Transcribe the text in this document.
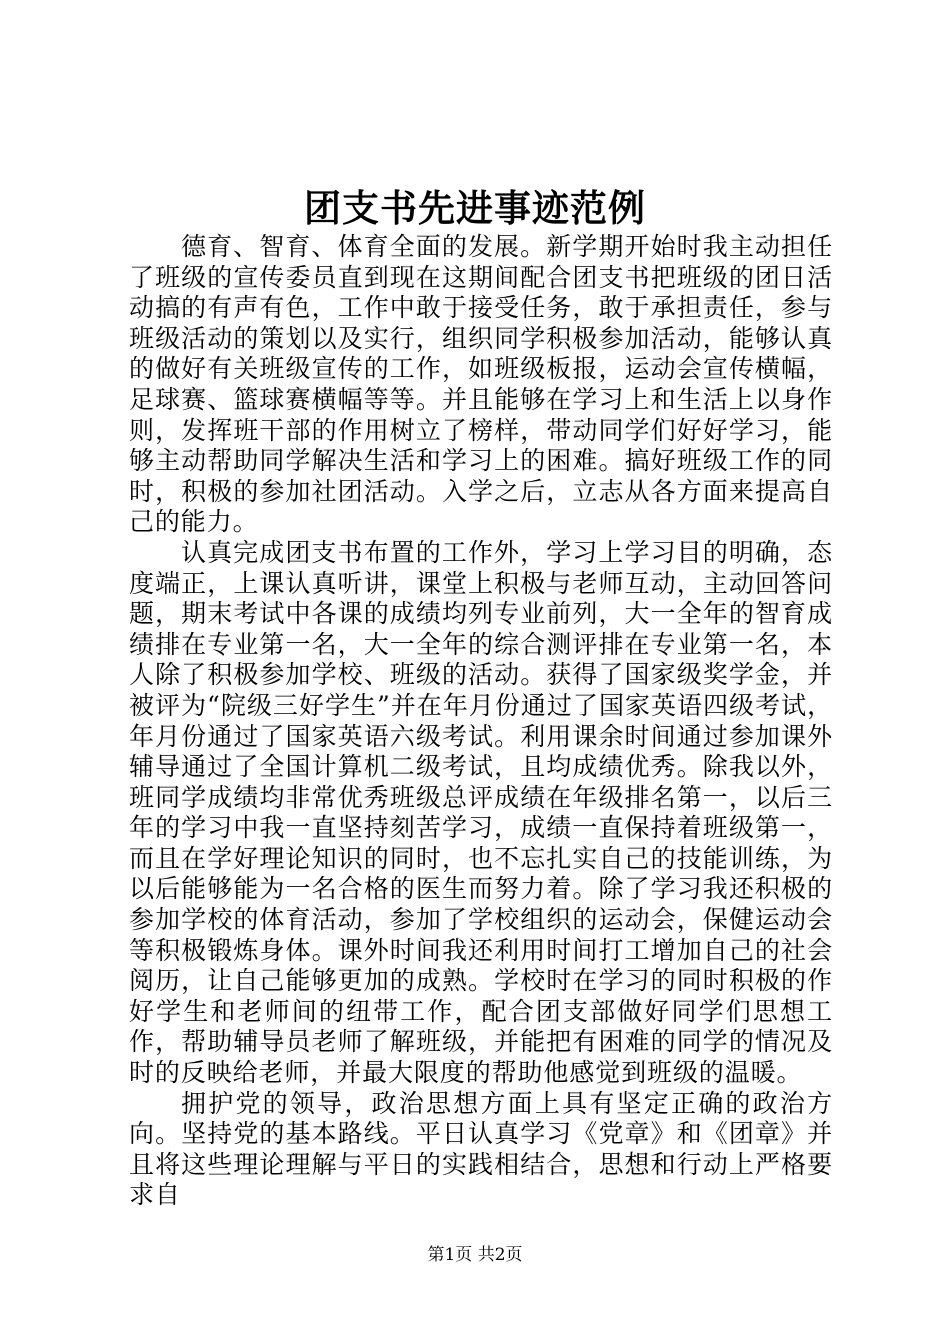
团支书先进事迹范例

德育、智育、体育全面的发展。新学期开始时我主动担任了班级的宣传委员直到现在这期间配合团支书把班级的团日活动搞的有声有色，工作中敢于接受任务，敢于承担责任，参与班级活动的策划以及实行，组织同学积极参加活动，能够认真的做好有关班级宣传的工作，如班级板报，运动会宣传横幅，足球赛、篮球赛横幅等等。并且能够在学习上和生活上以身作则，发挥班干部的作用树立了榜样，带动同学们好好学习，能够主动帮助同学解决生活和学习上的困难。搞好班级工作的同时，积极的参加社团活动。入学之后，立志从各方面来提高自己的能力。

认真完成团支书布置的工作外，学习上学习目的明确，态度端正，上课认真听讲，课堂上积极与老师互动，主动回答问题，期末考试中各课的成绩均列专业前列，大一全年的智育成绩排在专业第一名，大一全年的综合测评排在专业第一名，本人除了积极参加学校、班级的活动。获得了国家级奖学金，并被评为“院级三好学生”并在年月份通过了国家英语四级考试，年月份通过了国家英语六级考试。利用课余时间通过参加课外辅导通过了全国计算机二级考试，且均成绩优秀。除我以外，班同学成绩均非常优秀班级总评成绩在年级排名第一，以后三年的学习中我一直坚持刻苦学习，成绩一直保持着班级第一，而且在学好理论知识的同时，也不忘扎实自己的技能训练，为以后能够能为一名合格的医生而努力着。除了学习我还积极的参加学校的体育活动，参加了学校组织的运动会，保健运动会等积极锻炼身体。课外时间我还利用时间打工增加自己的社会阅历，让自己能够更加的成熟。学校时在学习的同时积极的作好学生和老师间的纽带工作，配合团支部做好同学们思想工作，帮助辅导员老师了解班级，并能把有困难的同学的情况及时的反映给老师，并最大限度的帮助他感觉到班级的温暖。

拥护党的领导，政治思想方面上具有坚定正确的政治方向。坚持党的基本路线。平日认真学习《党章》和《团章》并且将这些理论理解与平日的实践相结合，思想和行动上严格要求自

第1页 共2页
